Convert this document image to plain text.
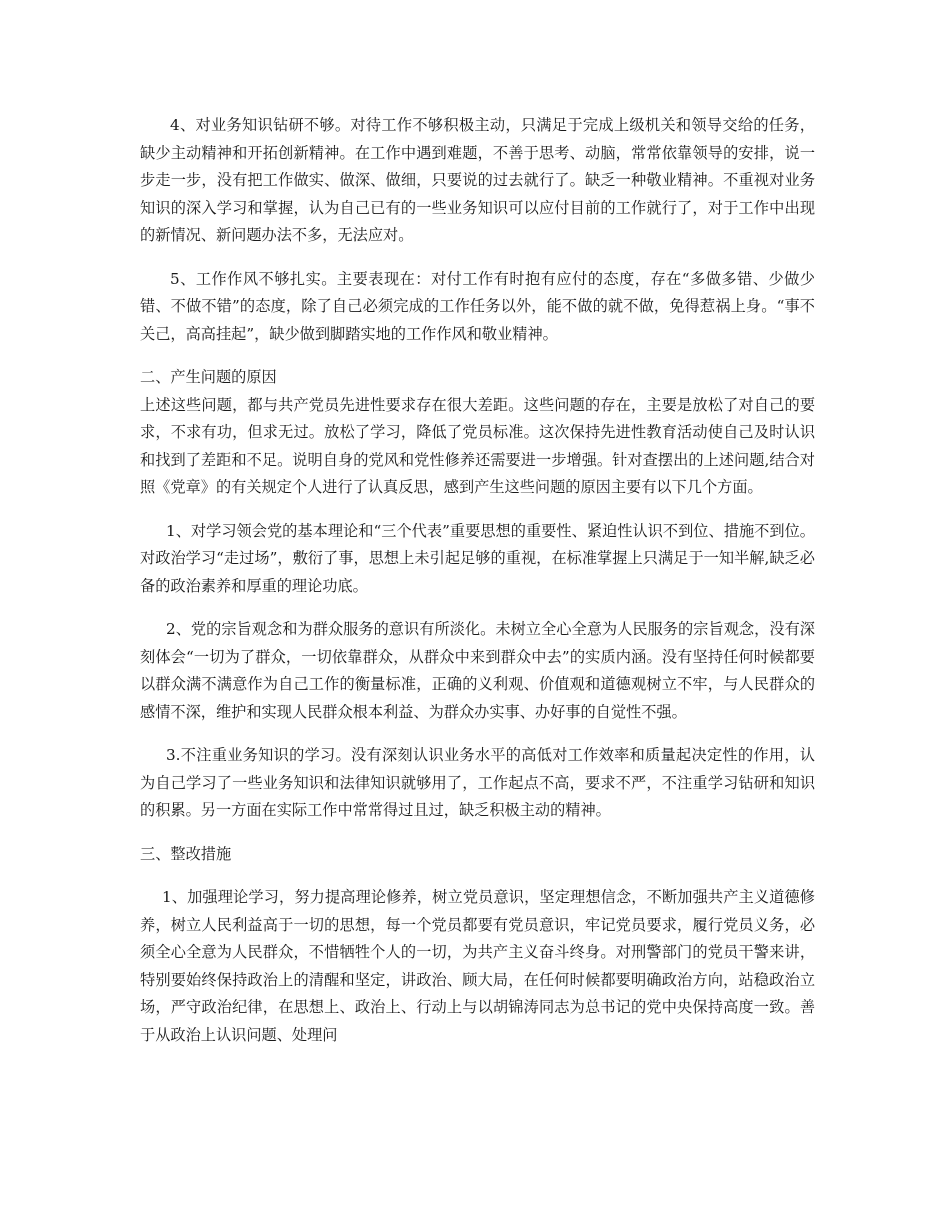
4、对业务知识钻研不够。对待工作不够积极主动，只满足于完成上级机关和领导交给的任务，缺少主动精神和开拓创新精神。在工作中遇到难题，不善于思考、动脑，常常依靠领导的安排，说一步走一步，没有把工作做实、做深、做细，只要说的过去就行了。缺乏一种敬业精神。不重视对业务知识的深入学习和掌握，认为自己已有的一些业务知识可以应付目前的工作就行了，对于工作中出现的新情况、新问题办法不多，无法应对。

5、工作作风不够扎实。主要表现在：对付工作有时抱有应付的态度，存在“多做多错、少做少错、不做不错”的态度，除了自己必须完成的工作任务以外，能不做的就不做，免得惹祸上身。“事不关己，高高挂起”，缺少做到脚踏实地的工作作风和敬业精神。

二、产生问题的原因

上述这些问题，都与共产党员先进性要求存在很大差距。这些问题的存在，主要是放松了对自己的要求，不求有功，但求无过。放松了学习，降低了党员标准。这次保持先进性教育活动使自己及时认识和找到了差距和不足。说明自身的党风和党性修养还需要进一步增强。针对查摆出的上述问题,结合对照《党章》的有关规定个人进行了认真反思，感到产生这些问题的原因主要有以下几个方面。

1、对学习领会党的基本理论和“三个代表”重要思想的重要性、紧迫性认识不到位、措施不到位。对政治学习“走过场”，敷衍了事，思想上未引起足够的重视，在标准掌握上只满足于一知半解,缺乏必备的政治素养和厚重的理论功底。

2、党的宗旨观念和为群众服务的意识有所淡化。未树立全心全意为人民服务的宗旨观念，没有深刻体会“一切为了群众，一切依靠群众，从群众中来到群众中去”的实质内涵。没有坚持任何时候都要以群众满不满意作为自己工作的衡量标准，正确的义利观、价值观和道德观树立不牢，与人民群众的感情不深，维护和实现人民群众根本利益、为群众办实事、办好事的自觉性不强。

3.不注重业务知识的学习。没有深刻认识业务水平的高低对工作效率和质量起决定性的作用，认为自己学习了一些业务知识和法律知识就够用了，工作起点不高，要求不严，不注重学习钻研和知识的积累。另一方面在实际工作中常常得过且过，缺乏积极主动的精神。

三、整改措施

1、加强理论学习，努力提高理论修养，树立党员意识，坚定理想信念，不断加强共产主义道德修养，树立人民利益高于一切的思想，每一个党员都要有党员意识，牢记党员要求，履行党员义务，必须全心全意为人民群众，不惜牺牲个人的一切，为共产主义奋斗终身。对刑警部门的党员干警来讲，特别要始终保持政治上的清醒和坚定，讲政治、顾大局，在任何时候都要明确政治方向，站稳政治立场，严守政治纪律，在思想上、政治上、行动上与以胡锦涛同志为总书记的党中央保持高度一致。善于从政治上认识问题、处理问
